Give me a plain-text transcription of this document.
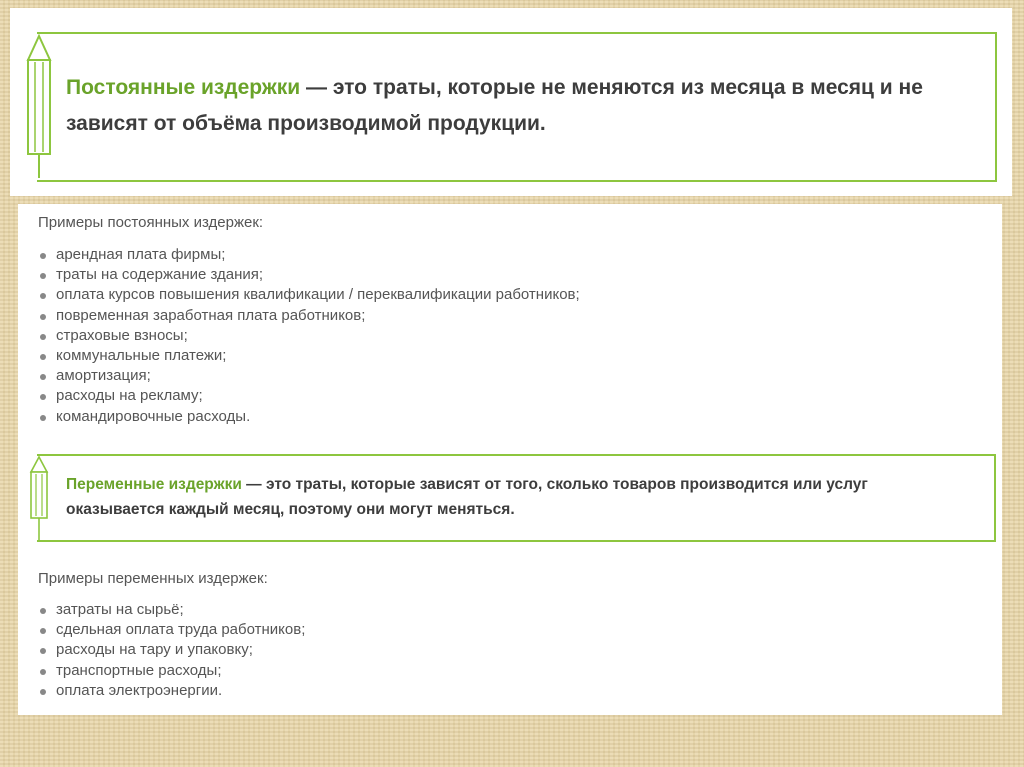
Постоянные издержки — это траты, которые не меняются из месяца в месяц и не зависят от объёма производимой продукции.
Примеры постоянных издержек:
арендная плата фирмы;
траты на содержание здания;
оплата курсов повышения квалификации / переквалификации работников;
повременная заработная плата работников;
страховые взносы;
коммунальные платежи;
амортизация;
расходы на рекламу;
командировочные расходы.
Переменные издержки — это траты, которые зависят от того, сколько товаров производится или услуг оказывается каждый месяц, поэтому они могут меняться.
Примеры переменных издержек:
затраты на сырьё;
сдельная оплата труда работников;
расходы на тару и упаковку;
транспортные расходы;
оплата электроэнергии.
